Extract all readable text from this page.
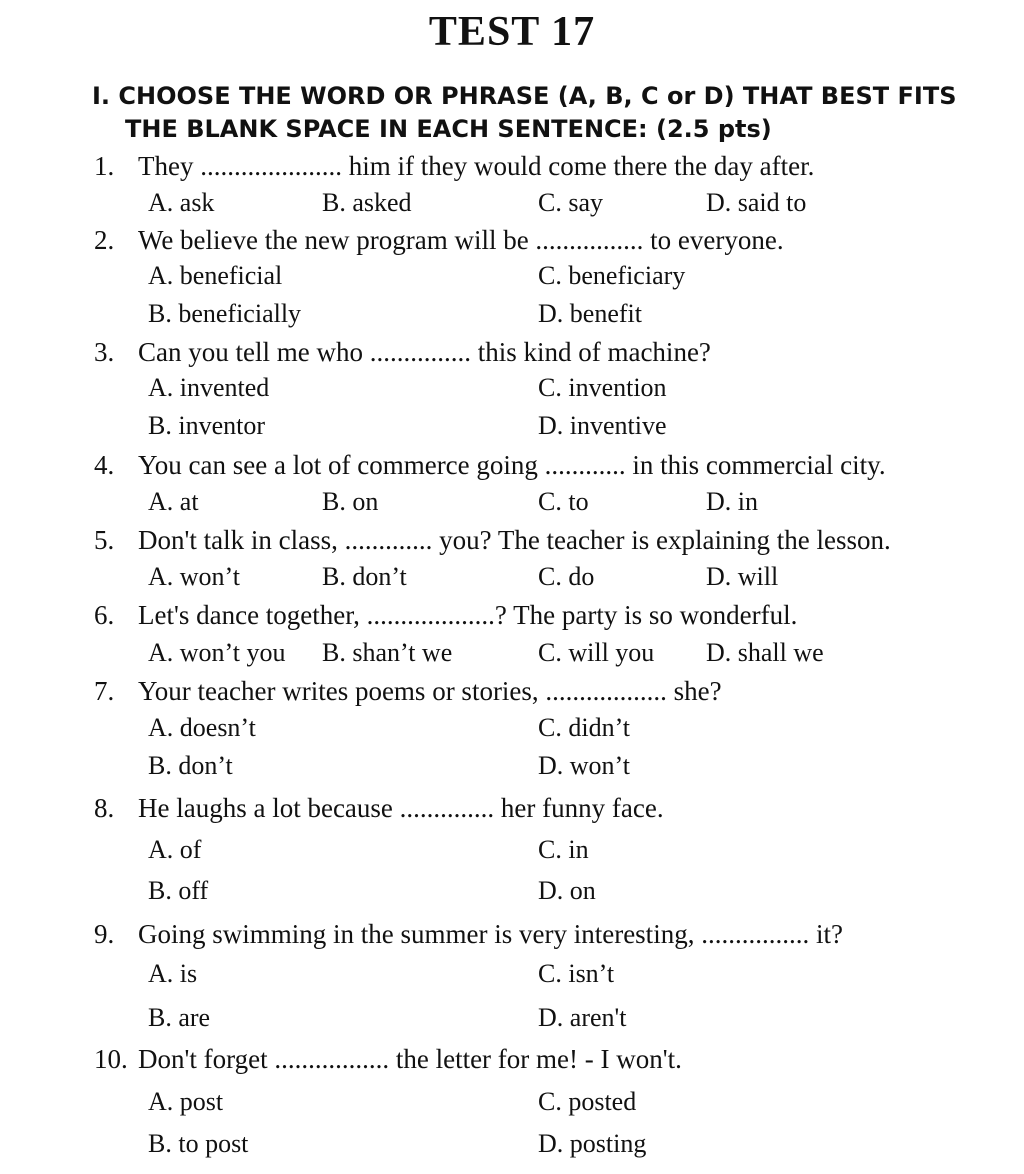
TEST 17
I. CHOOSE THE WORD OR PHRASE (A, B, C or D) THAT BEST FITS
THE BLANK SPACE IN EACH SENTENCE: (2.5 pts)
1. They ..................... him if they would come there the day after.
A. ask	B. asked	C. say	D. said to
2. We believe the new program will be ................ to everyone.
A. beneficial	C. beneficiary
B. beneficially	D. benefit
3. Can you tell me who ............... this kind of machine?
A. invented	C. invention
B. inventor	D. inventive
4. You can see a lot of commerce going ............ in this commercial city.
A. at	B. on	C. to	D. in
5. Don't talk in class, ............. you? The teacher is explaining the lesson.
A. won’t	B. don’t	C. do	D. will
6. Let's dance together, ...................? The party is so wonderful.
A. won’t you B. shan’t we	C. will you D. shall we
7. Your teacher writes poems or stories, .................. she?
A. doesn’t	C. didn’t
B. don’t	D. won’t
8. He laughs a lot because .............. her funny face.
A. of	C. in
B. off	D. on
9. Going swimming in the summer is very interesting, ................ it?
A. is	C. isn’t
B. are	D. aren't
10. Don't forget ................. the letter for me! - I won't.
A. post	C. posted
B. to post	D. posting
